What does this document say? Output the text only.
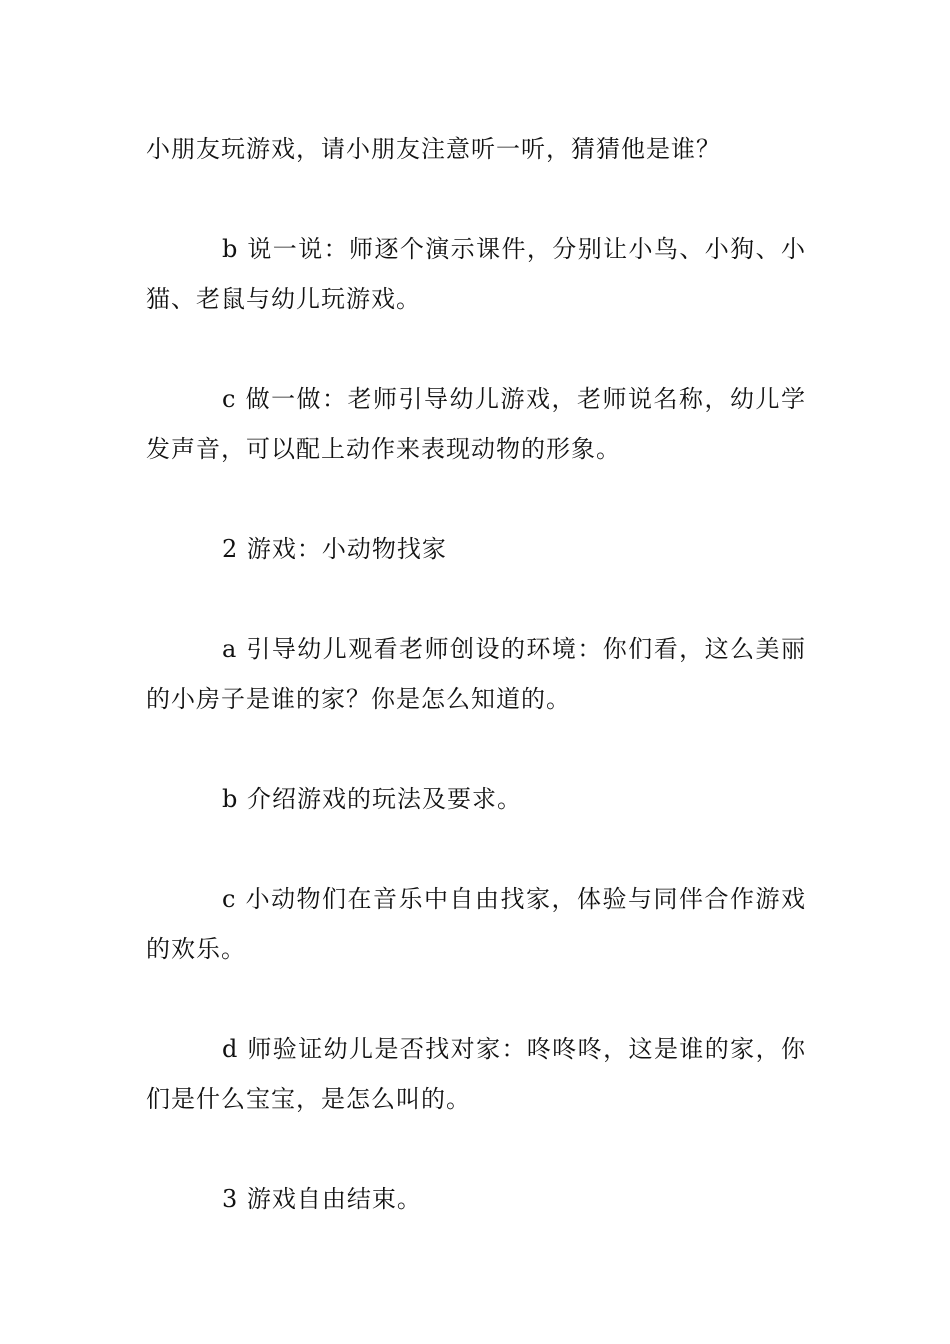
小朋友玩游戏，请小朋友注意听一听，猜猜他是谁？

b 说一说：师逐个演示课件，分别让小鸟、小狗、小猫、老鼠与幼儿玩游戏。

c 做一做：老师引导幼儿游戏，老师说名称，幼儿学发声音，可以配上动作来表现动物的形象。

2 游戏：小动物找家

a 引导幼儿观看老师创设的环境：你们看，这么美丽的小房子是谁的家？你是怎么知道的。

b 介绍游戏的玩法及要求。

c 小动物们在音乐中自由找家，体验与同伴合作游戏的欢乐。

d 师验证幼儿是否找对家：咚咚咚，这是谁的家，你们是什么宝宝，是怎么叫的。

3 游戏自由结束。
